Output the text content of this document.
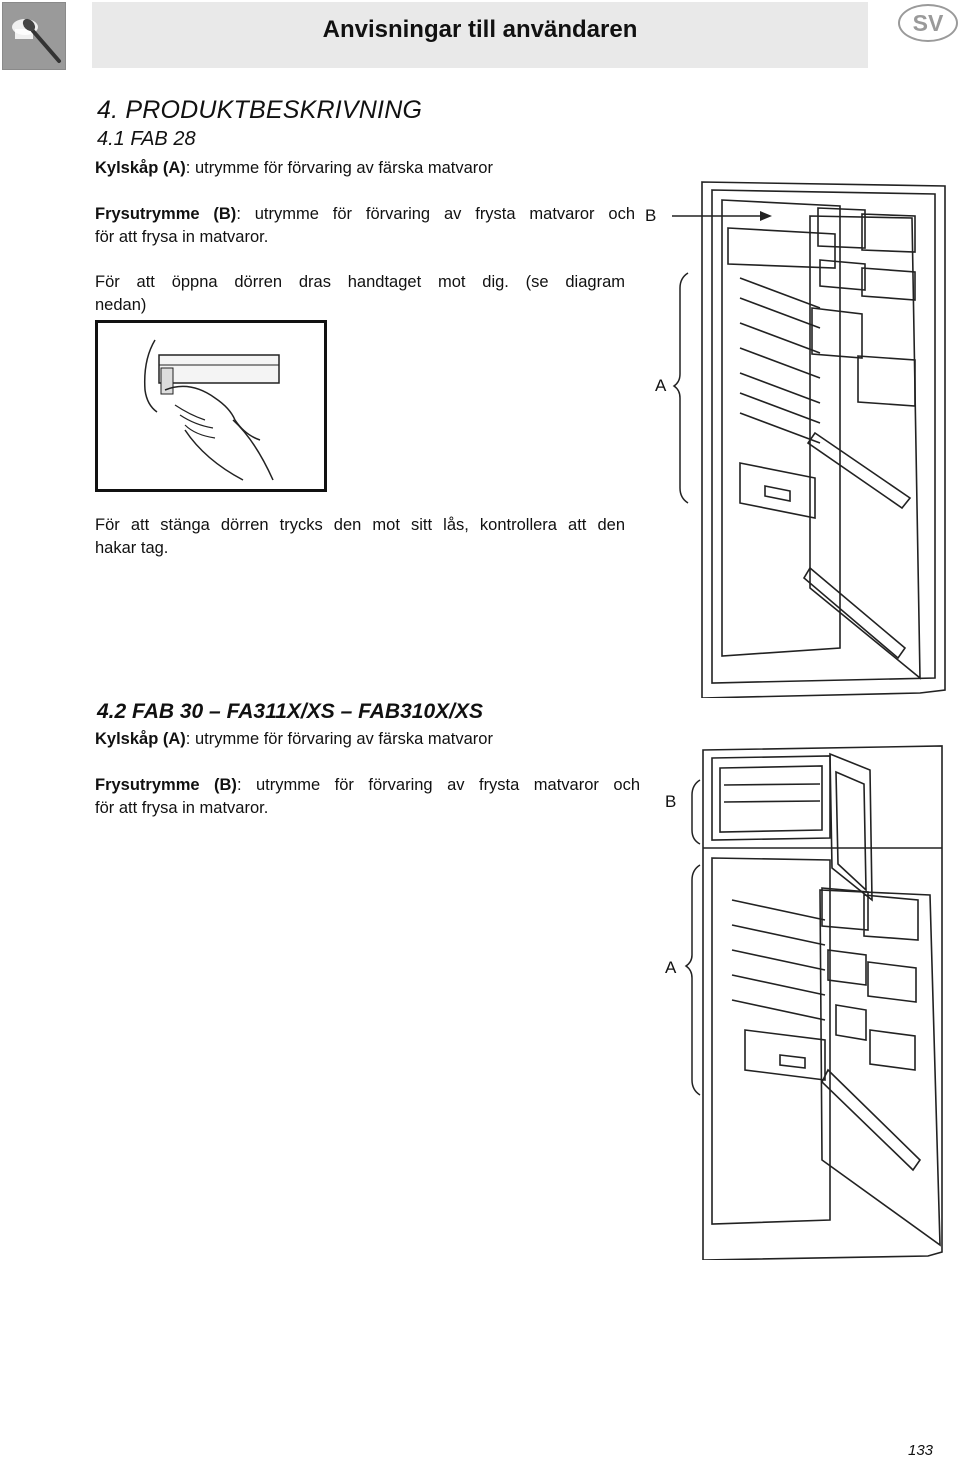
Anvisningar till användaren	SV
4. PRODUKTBESKRIVNING
4.1 FAB 28
Kylskåp (A): utrymme för förvaring av färska matvaror
Frysutrymme (B): utrymme för förvaring av frysta matvaror och
för att frysa in matvaror.
För att öppna dörren dras handtaget mot dig. (se diagram
nedan)
För att stänga dörren trycks den mot sitt lås, kontrollera att den
hakar tag.
B
A
4.2 FAB 30 – FA311X/XS – FAB310X/XS
Kylskåp (A): utrymme för förvaring av färska matvaror
Frysutrymme (B): utrymme för förvaring av frysta matvaror och
för att frysa in matvaror.	B
A
133
